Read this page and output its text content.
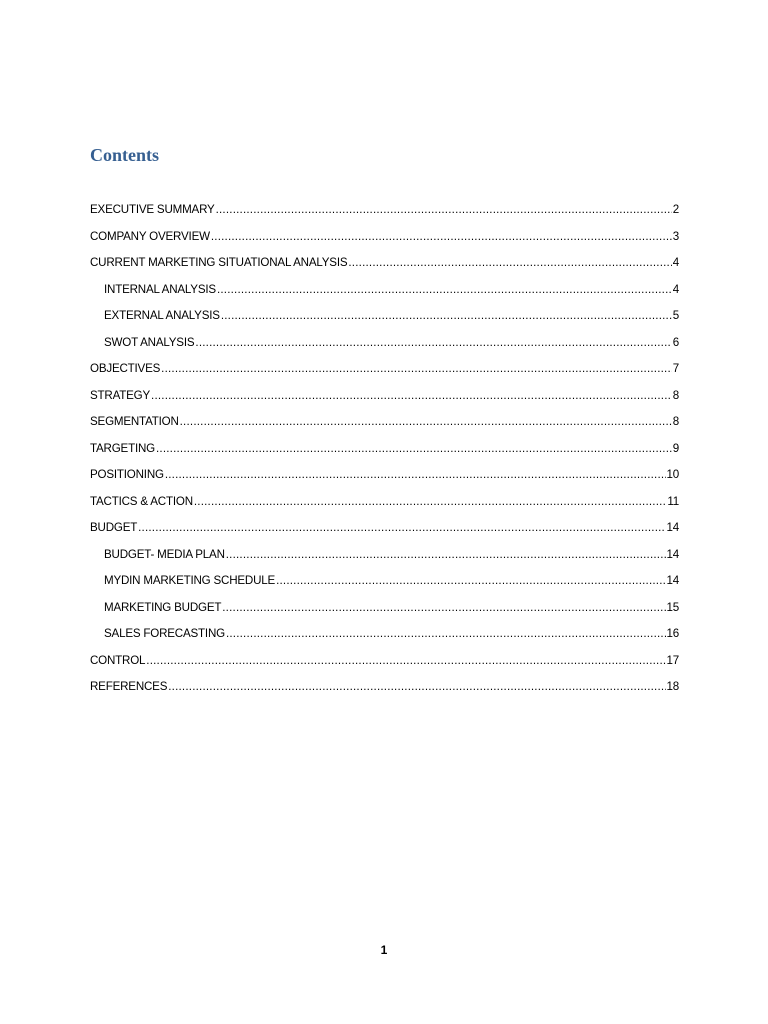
Contents
EXECUTIVE SUMMARY .....	2
COMPANY OVERVIEW .....	3
CURRENT MARKETING SITUATIONAL ANALYSIS .....	4
INTERNAL ANALYSIS .....	4
EXTERNAL ANALYSIS .....	5
SWOT ANALYSIS .....	6
OBJECTIVES .....	7
STRATEGY .....	8
SEGMENTATION .....	8
TARGETING .....	9
POSITIONING .....	10
TACTICS & ACTION .....	11
BUDGET .....	14
BUDGET- MEDIA PLAN .....	14
MYDIN MARKETING SCHEDULE .....	14
MARKETING BUDGET .....	15
SALES FORECASTING .....	16
CONTROL .....	17
REFERENCES .....	18
1
